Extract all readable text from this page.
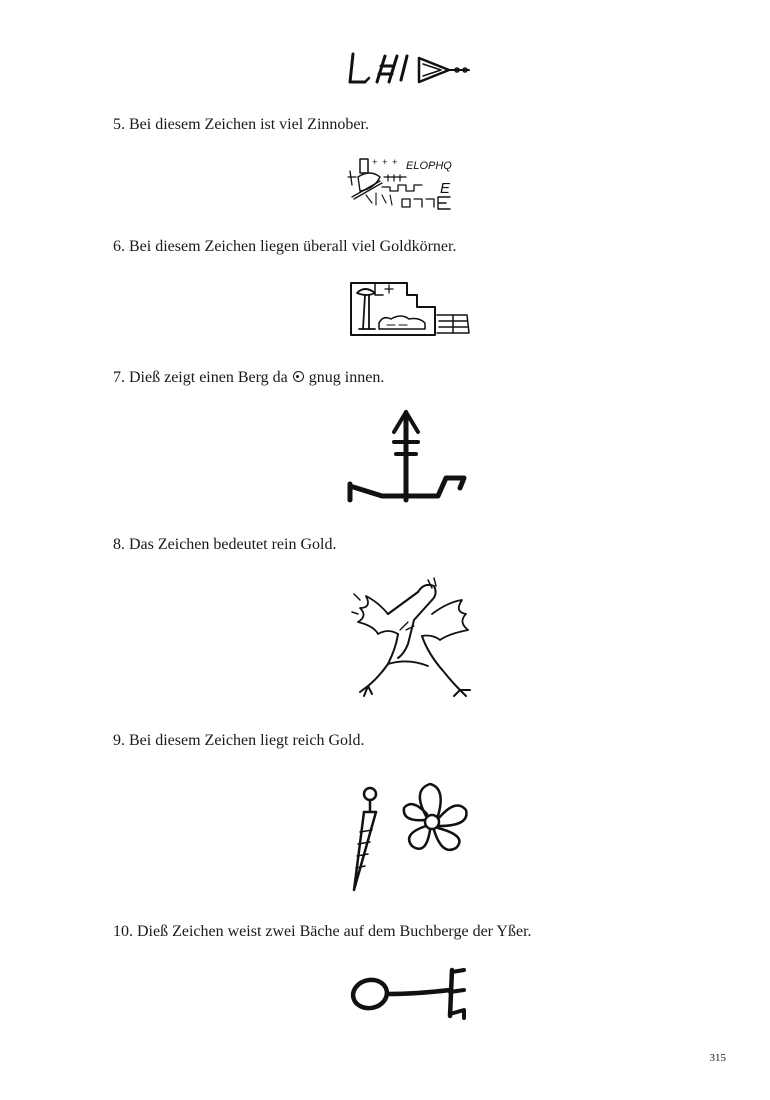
5. Bei diesem Zeichen ist viel Zinnober.

+ + + ELOPHQ
E

6. Bei diesem Zeichen liegen überall viel Goldkörner.

7. Dieß zeigt einen Berg da gnug innen.

8. Das Zeichen bedeutet rein Gold.

9. Bei diesem Zeichen liegt reich Gold.

10. Dieß Zeichen weist zwei Bäche auf dem Buchberge der Yßer.

315
